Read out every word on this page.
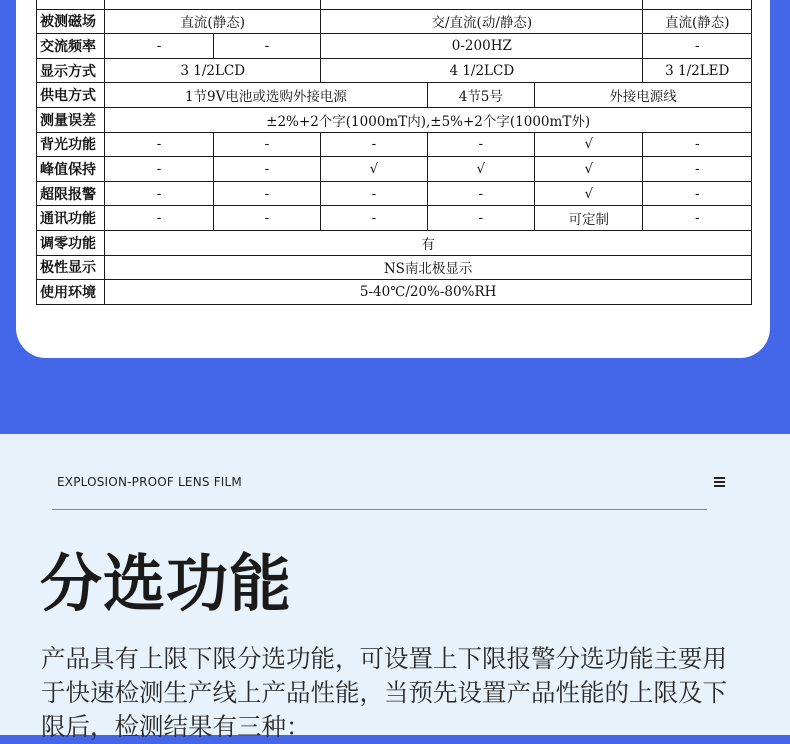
被测磁场	直流(静态)		交/直流(动/静态)			直流(静态)
交流频率	-	-	0-200HZ			-
显示方式	3 1/2LCD		4 1/2LCD			3 1/2LED
供电方式	1节9V电池或选购外接电源			4节5号	外接电源线	
测量误差	±2%+2个字(1000mT内),±5%+2个字(1000mT外)					
背光功能	-	-	-	-	√	-
峰值保持	-	-	√	√	√	-
超限报警	-	-	-	-	√	-
通讯功能	-	-	-	-	可定制	-
调零功能	有					
极性显示	NS南北极显示					
使用环境	5-40℃/20%-80%RH					
EXPLOSION-PROOF LENS FILM
分选功能
产品具有上限下限分选功能，可设置上下限报警分选功能主要用于快速检测生产线上产品性能，当预先设置产品性能的上限及下限后，检测结果有三种：
